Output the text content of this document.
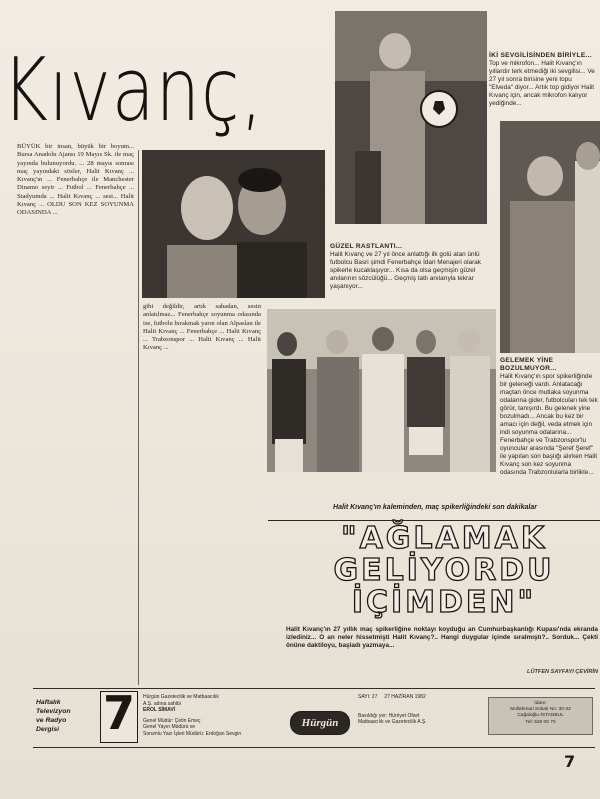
Kıvanç,
BÜYÜK bir insan, büyük bir boyum... Bursa Anadolu Ajansı 19 Mayıs Sk. ile maç yayında bulunuyordu. ... 28 mayıs sonrası maç yayındaki sözler, Halit Kıvanç ... Kıvanç'ın ... Fenerbahçe ile Manchester Dinamo seyir ... Futbol ... Fenerbahçe ... Stadyumda ... Halit Kıvanç ... sesi... Halit Kıvanç ... OLDU SON KEZ SOYUNMA ODASINDA ...
gibi değildir, artık sahadan, sesin anlatılmaz... Fenerbahçe soyunma odasında ise, futbolu bırakmak yarın olan Alpaslan ile Halit Kıvanç ... Fenerbahçe ... Halit Kıvanç ... Trabzonspor ... Halit Kıvanç ... Halit Kıvanç ...
İKİ SEVGİLİSİNDEN BİRİYLE...
Top ve mikrofon... Halit Kıvanç'ın yıllardır terk etmediği iki sevgilisi... Ve 27 yıl sonra birisine yeni topu "Elveda" diyor... Artık top gidiyor Halit Kıvanç için, ancak mikrofon kalıyor yediğinde...
GÜZEL RASTLANTI...
Halit Kıvanç ve 27 yıl önce anlattığı ilk golü atan ünlü futbolcu Basri şimdi Fenerbahçe İdari Menajeri olarak spikerle kucaklaşıyor... Kısa da olsa geçmişin güzel anılarının sözcülüğü... Geçmiş tatlı anılarıyla tekrar yaşanıyor...
GELEMEK YİNE BOZULMUYOR...
Halit Kıvanç'ın spor spikerliğinde bir geleneği vardı. Anlatacağı maçtan önce mutlaka soyunma odalarına gider, futbolcuları tek tek görür, tanışırdı. Bu gelenek yine bozulmadı... Ancak bu kez bir amacı için değil, veda etmek için indi soyunma odalarına... Fenerbahçe ve Trabzonspor'lu oyuncular arasında "Şeref Şeref" ile yapılan son başlığı alırken Halit Kıvanç son kez soyunma odasında Trabzonlularla birlikte...
Halit Kıvanç'ın kaleminden, maç spikerliğindeki son dakikalar
"AĞLAMAK
GELİYORDU
İÇİMDEN"
Halit Kıvanç'ın 27 yıllık maç spikerliğine noktayı koyduğu an Cumhurbaşkanlığı Kupası'nda ekranda izlediniz... O an neler hissetmişti Halit Kıvanç?.. Hangi duygular içinde sıralmıştı?.. Sorduk... Çekti önüne daktiloyu, başladı yazmaya...
LÜTFEN SAYFAYI ÇEVİRİN
Haftalık
Televizyon
ve Radyo
Dergisi 7 Hürgün Gazetecilik ve Matbaacılık
A.Ş. adına sahibi
EROL SİMAVİ
Genel Müdür: Çetin Emeç
Genel Yayın Müdürü ve
Sorumlu Yazı İşleri Müdürü: Erdoğan Sevgin
Hürgün
SAYI: 27 27 HAZİRAN 1982
Basıldığı yer: Hürriyet Ofset
Matbaacılık ve Gazetecilik A.Ş.
İdare:
Mollafenari Sokak No: 30-32
Cağaloğlu-İSTANBUL
Tel: 528 06 70
7
